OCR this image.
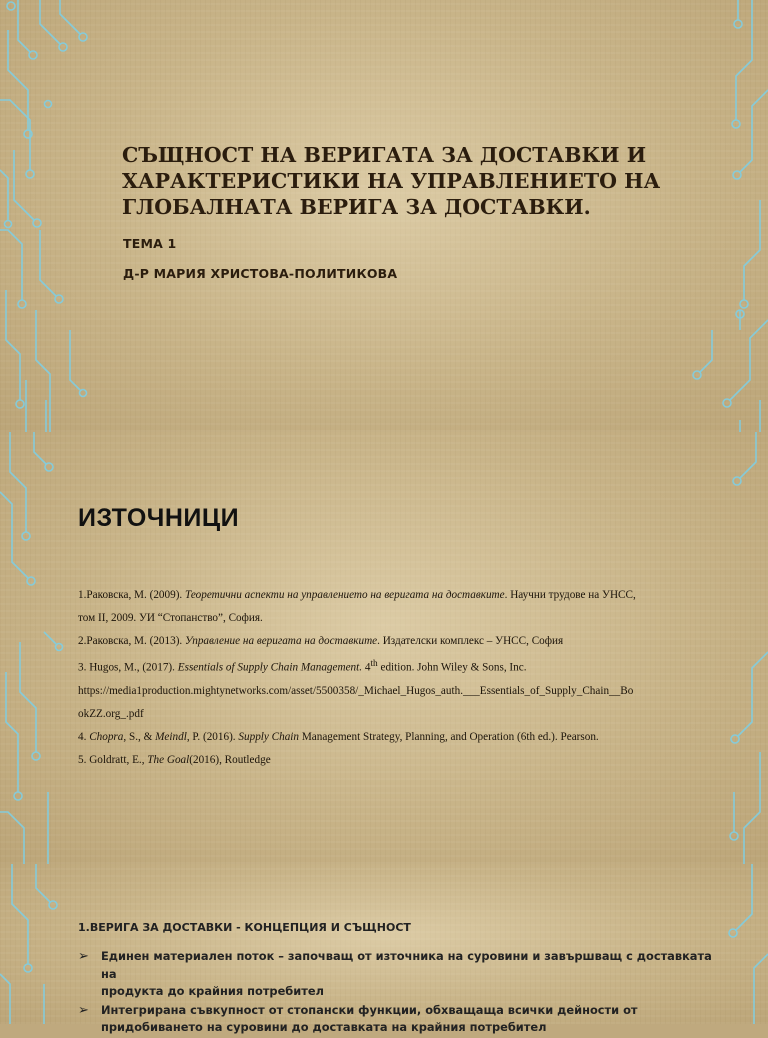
СЪЩНОСТ НА ВЕРИГАТА ЗА ДОСТАВКИ И
ХАРАКТЕРИСТИКИ НА УПРАВЛЕНИЕТО НА
ГЛОБАЛНАТА ВЕРИГА ЗА ДОСТАВКИ.

ТЕМА 1

Д-Р МАРИЯ ХРИСТОВА-ПОЛИТИКОВА

ИЗТОЧНИЦИ
1.Раковска, М. (2009). Теоретични аспекти на управлението на веригата на доставките. Научни трудове на УНСС,
том II, 2009. УИ “Стопанство”, София.
2.Раковска, М. (2013). Управление на веригата на доставките. Издателски комплекс – УНСС, София
3. Hugos, M., (2017). Essentials of Supply Chain Management. 4th edition. John Wiley & Sons, Inc.
https://media1production.mightynetworks.com/asset/5500358/_Michael_Hugos_auth.___Essentials_of_Supply_Chain__Bo
okZZ.org_.pdf
4. Chopra, S., & Meindl, P. (2016). Supply Chain Management Strategy, Planning, and Operation (6th ed.). Pearson.
5. Goldratt, E., The Goal(2016), Routledge
1.ВЕРИГА ЗА ДОСТАВКИ - КОНЦЕПЦИЯ И СЪЩНОСТ
➢ Единен материален поток – започващ от източника на суровини и завършващ с доставката на
продукта до крайния потребител
➢ Интегрирана съвкупност от стопански функции, обхващаща всички дейности от
придобиването на суровини до доставката на крайния потребител
